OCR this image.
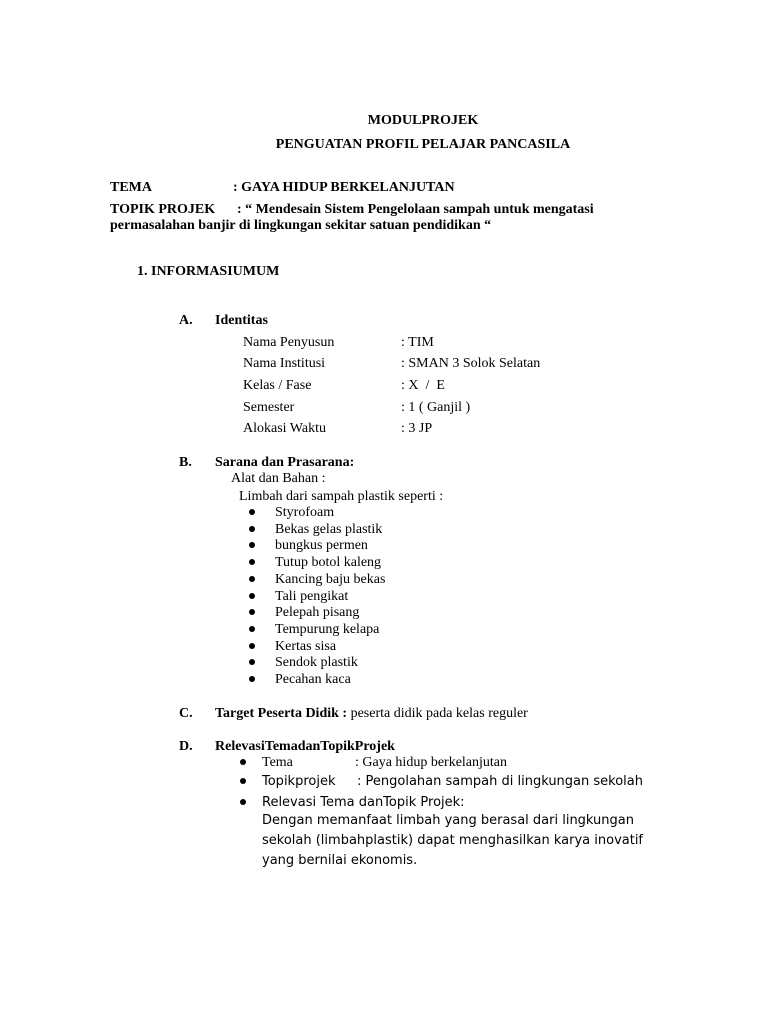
MODULPROJEK
PENGUATAN PROFIL PELAJAR PANCASILA
TEMA	: GAYA HIDUP BERKELANJUTAN
TOPIK PROJEK : “ Mendesain Sistem Pengelolaan sampah untuk mengatasi
permasalahan banjir di lingkungan sekitar satuan pendidikan “
1. INFORMASIUMUM
A. Identitas
Nama Penyusun	: TIM
Nama Institusi	: SMAN 3 Solok Selatan
Kelas / Fase	: X  /  E
Semester	: 1 ( Ganjil )
Alokasi Waktu	: 3 JP
B. Sarana dan Prasarana:
Alat dan Bahan :
Limbah dari sampah plastik seperti :
Styrofoam
Bekas gelas plastik
bungkus permen
Tutup botol kaleng
Kancing baju bekas
Tali pengikat
Pelepah pisang
Tempurung kelapa
Kertas sisa
Sendok plastik
Pecahan kaca
C. Target Peserta Didik : peserta didik pada kelas reguler
D. RelevasiTemadanTopikProjek
Tema	: Gaya hidup berkelanjutan
Topikprojek : Pengolahan sampah di lingkungan sekolah
Relevasi Tema danTopik Projek:
Dengan memanfaat limbah yang berasal dari lingkungan
sekolah (limbahplastik) dapat menghasilkan karya inovatif
yang bernilai ekonomis.
